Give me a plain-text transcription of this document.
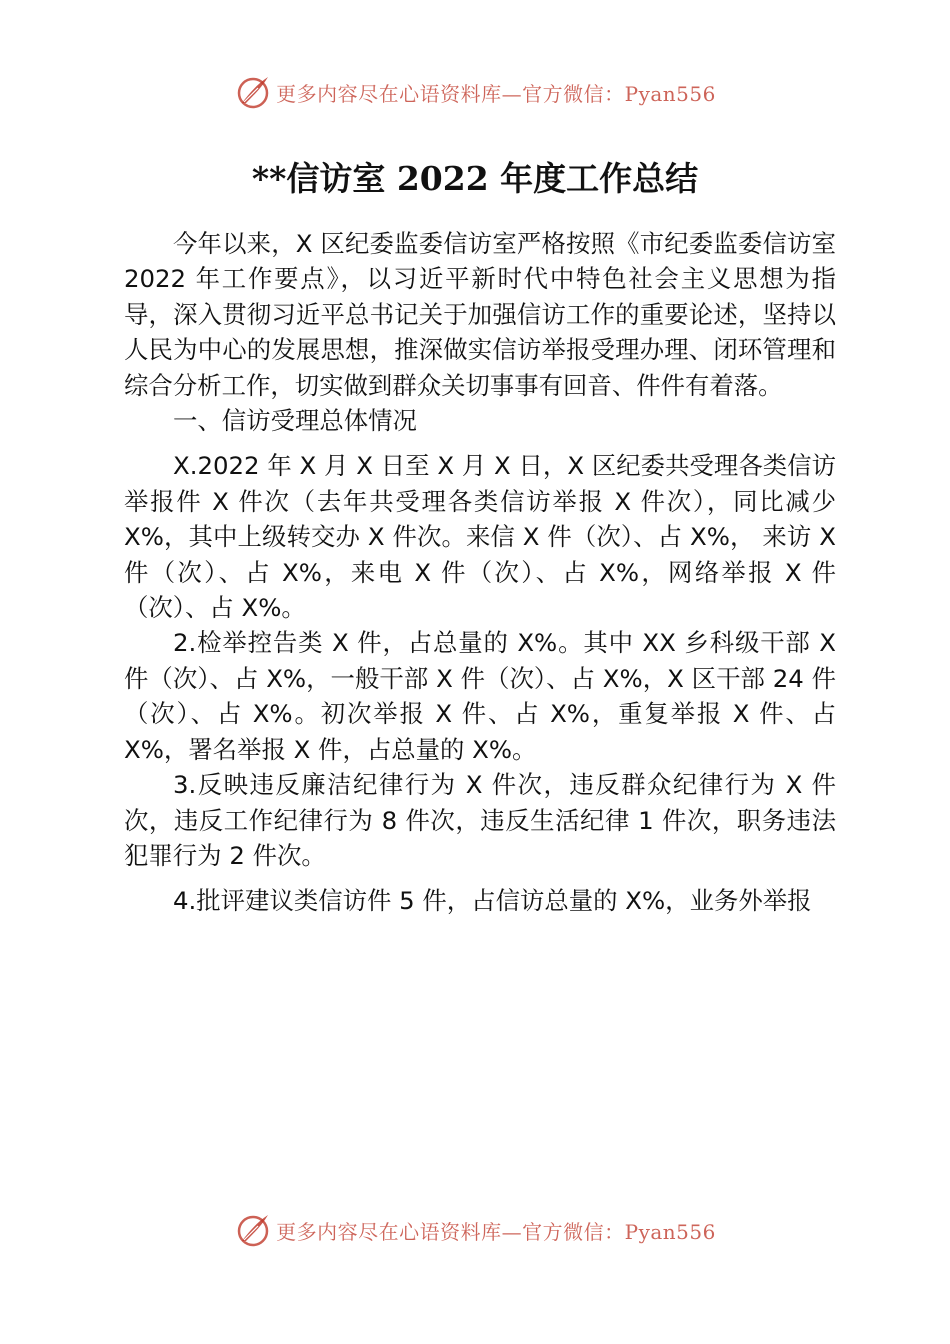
更多内容尽在心语资料库—官方微信：Pyan556
**信访室 2022 年度工作总结

今年以来，X 区纪委监委信访室严格按照《市纪委监委信访室 2022 年工作要点》，以习近平新时代中特色社会主义思想为指导，深入贯彻习近平总书记关于加强信访工作的重要论述，坚持以人民为中心的发展思想，推深做实信访举报受理办理、闭环管理和综合分析工作，切实做到群众关切事事有回音、件件有着落。

一、信访受理总体情况

X.2022 年 X 月 X 日至 X 月 X 日，X 区纪委共受理各类信访举报件 X 件次（去年共受理各类信访举报 X 件次），同比减少 X%，其中上级转交办 X 件次。来信 X 件（次）、占 X%， 来访 X 件（次）、占 X%，来电 X 件（次）、占 X%，网络举报 X 件（次）、占 X%。

2.检举控告类 X 件，占总量的 X%。其中 XX 乡科级干部 X 件（次）、占 X%，一般干部 X 件（次）、占 X%，X 区干部 24 件（次）、占 X%。初次举报 X 件、占 X%，重复举报 X 件、占 X%，署名举报 X 件，占总量的 X%。

3.反映违反廉洁纪律行为 X 件次，违反群众纪律行为 X 件次，违反工作纪律行为 8 件次，违反生活纪律 1 件次，职务违法 犯罪行为 2 件次。

4.批评建议类信访件 5 件，占信访总量的 X%，业务外举报

更多内容尽在心语资料库—官方微信：Pyan556
